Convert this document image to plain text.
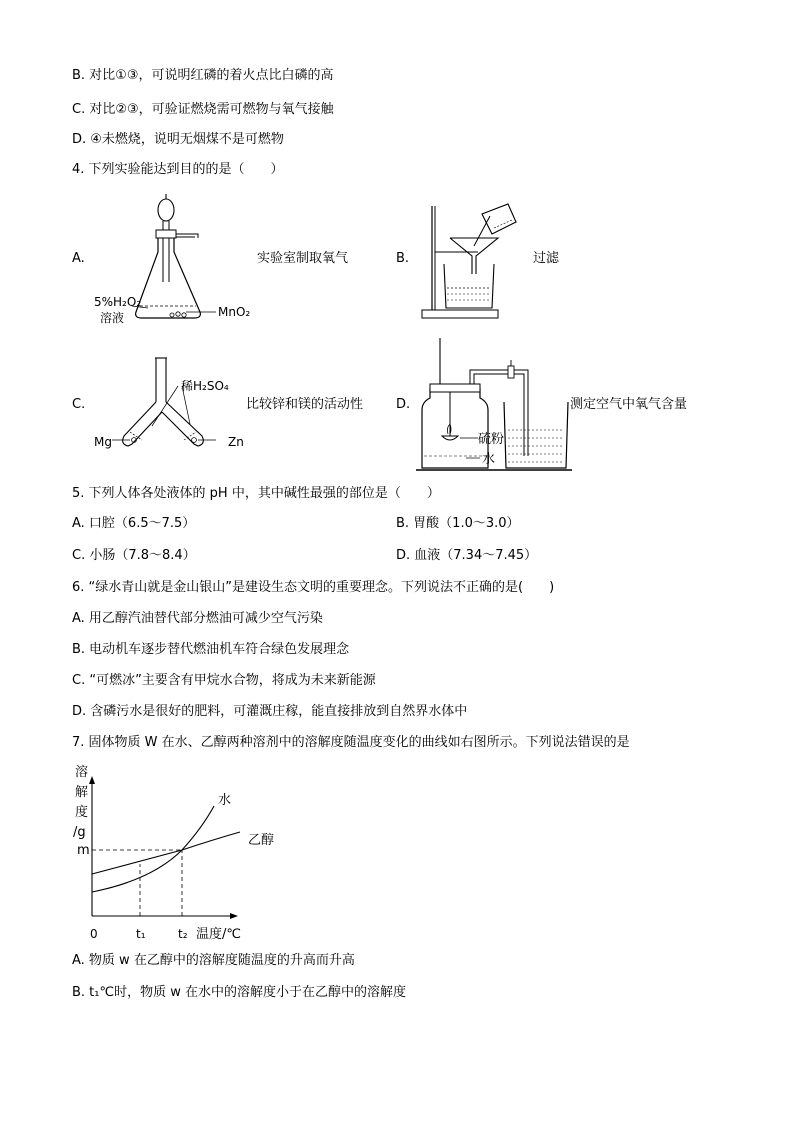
B. 对比①③，可说明红磷的着火点比白磷的高
C. 对比②③，可验证燃烧需可燃物与氧气接触
D. ④未燃烧，说明无烟煤不是可燃物
4. 下列实验能达到目的的是（　　）
A.
5%H₂O₂
溶液	MnO₂
实验室制取氧气	B.	过滤
C.
稀H₂SO₄
Mg	Zn
比较锌和镁的活动性	D.
硫粉
水
测定空气中氧气含量
5. 下列人体各处液体的 pH 中，其中碱性最强的部位是（　　）
A. 口腔（6.5～7.5）	B. 胃酸（1.0～3.0）
C. 小肠（7.8～8.4）	D. 血液（7.34～7.45）
6. “绿水青山就是金山银山”是建设生态文明的重要理念。下列说法不正确的是(　　)
A. 用乙醇汽油替代部分燃油可减少空气污染
B. 电动机车逐步替代燃油机车符合绿色发展理念
C. “可燃冰”主要含有甲烷水合物，将成为未来新能源
D. 含磷污水是很好的肥料，可灌溉庄稼，能直接排放到自然界水体中
7. 固体物质 W 在水、乙醇两种溶剂中的溶解度随温度变化的曲线如右图所示。下列说法错误的是
溶
解
度
/g
水
乙醇
m
0	t₁	t₂ 温度/℃
A. 物质 w 在乙醇中的溶解度随温度的升高而升高
B. t₁℃时，物质 w 在水中的溶解度小于在乙醇中的溶解度
